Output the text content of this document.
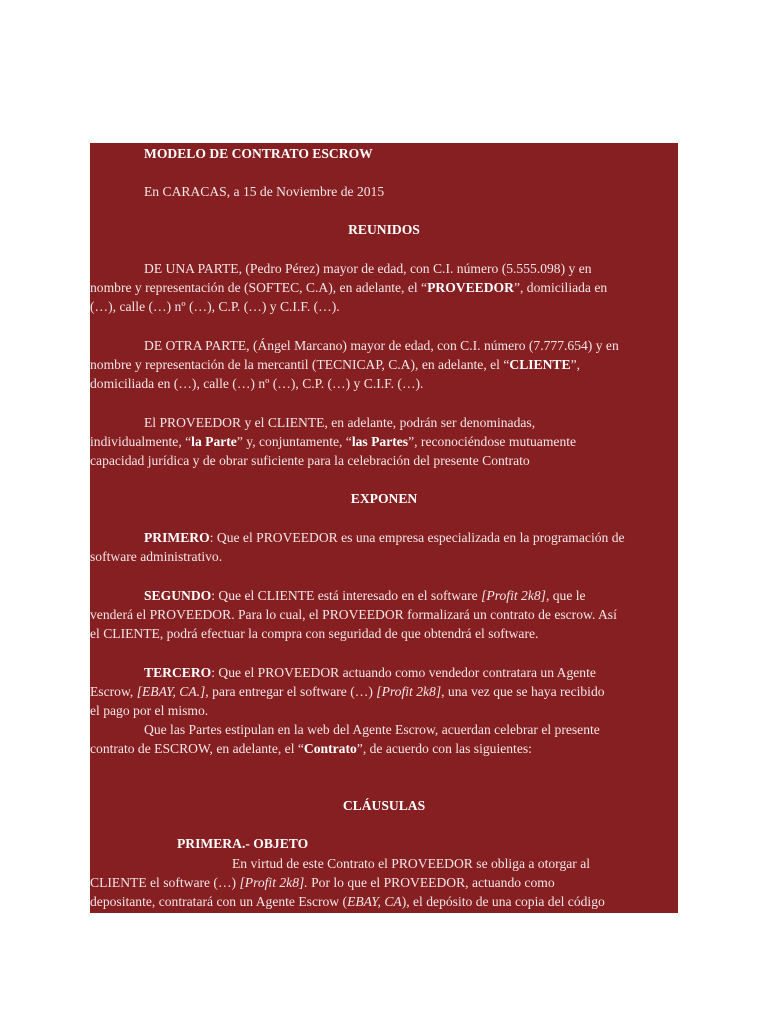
MODELO DE CONTRATO ESCROW
En CARACAS, a 15 de Noviembre de 2015
REUNIDOS
DE UNA PARTE, (Pedro Pérez) mayor de edad, con C.I. número (5.555.098) y en
nombre y representación de (SOFTEC, C.A), en adelante, el “PROVEEDOR”, domiciliada en
(…), calle (…) nº (…), C.P. (…) y C.I.F. (…).
DE OTRA PARTE, (Ángel Marcano) mayor de edad, con C.I. número (7.777.654) y en
nombre y representación de la mercantil (TECNICAP, C.A), en adelante, el “CLIENTE”,
domiciliada en (…), calle (…) nº (…), C.P. (…) y C.I.F. (…).
El PROVEEDOR y el CLIENTE, en adelante, podrán ser denominadas,
individualmente, “la Parte” y, conjuntamente, “las Partes”, reconociéndose mutuamente
capacidad jurídica y de obrar suficiente para la celebración del presente Contrato
EXPONEN
PRIMERO: Que el PROVEEDOR es una empresa especializada en la programación de
software administrativo.
SEGUNDO: Que el CLIENTE está interesado en el software [Profit 2k8], que le
venderá el PROVEEDOR. Para lo cual, el PROVEEDOR formalizará un contrato de escrow. Así
el CLIENTE, podrá efectuar la compra con seguridad de que obtendrá el software.
TERCERO: Que el PROVEEDOR actuando como vendedor contratara un Agente
Escrow, [EBAY, CA.], para entregar el software (…) [Profit 2k8], una vez que se haya recibido
el pago por el mismo.
Que las Partes estipulan en la web del Agente Escrow, acuerdan celebrar el presente
contrato de ESCROW, en adelante, el “Contrato”, de acuerdo con las siguientes:
CLÁUSULAS
PRIMERA.- OBJETO
En virtud de este Contrato el PROVEEDOR se obliga a otorgar al
CLIENTE el software (…) [Profit 2k8]. Por lo que el PROVEEDOR, actuando como
depositante, contratará con un Agente Escrow (EBAY, CA), el depósito de una copia del código
